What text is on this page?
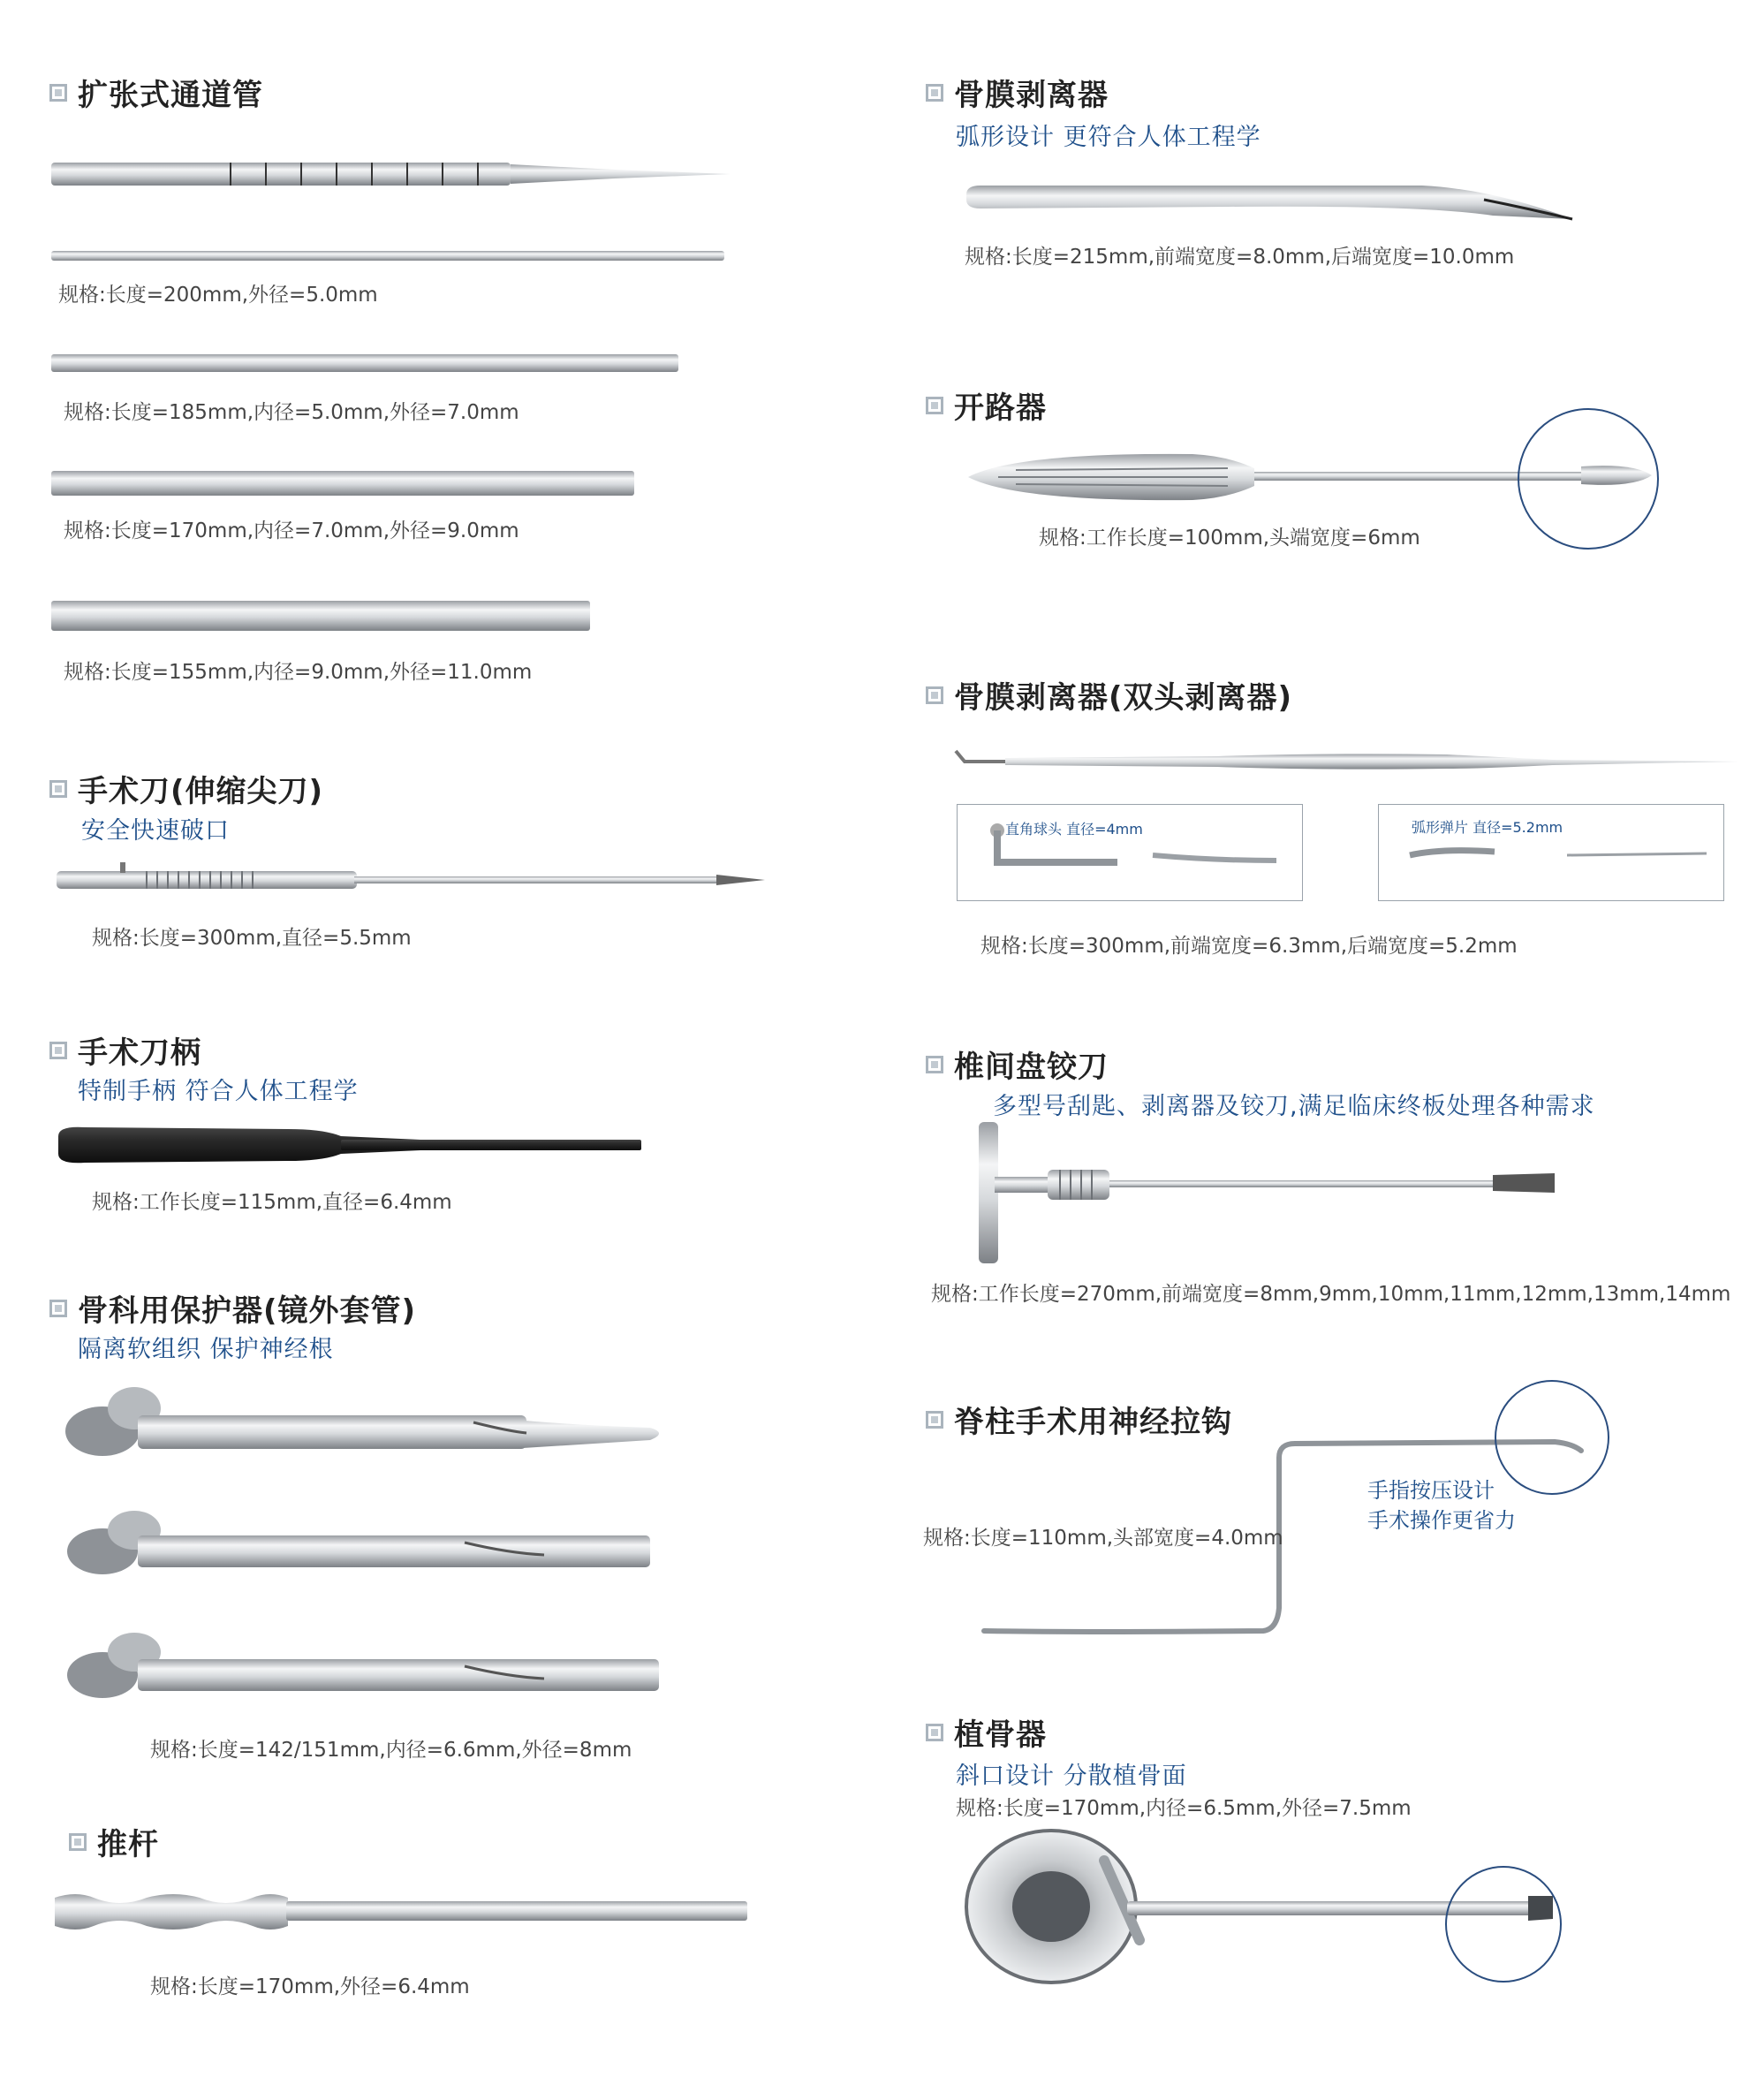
扩张式通道管
规格:长度=200mm,外径=5.0mm
规格:长度=185mm,内径=5.0mm,外径=7.0mm
规格:长度=170mm,内径=7.0mm,外径=9.0mm
规格:长度=155mm,内径=9.0mm,外径=11.0mm
手术刀(伸缩尖刀)
安全快速破口
规格:长度=300mm,直径=5.5mm
手术刀柄
特制手柄 符合人体工程学
规格:工作长度=115mm,直径=6.4mm
骨科用保护器(镜外套管)
隔离软组织 保护神经根
规格:长度=142/151mm,内径=6.6mm,外径=8mm
推杆
规格:长度=170mm,外径=6.4mm
骨膜剥离器
弧形设计 更符合人体工程学
规格:长度=215mm,前端宽度=8.0mm,后端宽度=10.0mm
开路器
规格:工作长度=100mm,头端宽度=6mm
骨膜剥离器(双头剥离器)
直角球头 直径=4mm	弧形弹片 直径=5.2mm
规格:长度=300mm,前端宽度=6.3mm,后端宽度=5.2mm
椎间盘铰刀
多型号刮匙、剥离器及铰刀,满足临床终板处理各种需求
规格:工作长度=270mm,前端宽度=8mm,9mm,10mm,11mm,12mm,13mm,14mm
脊柱手术用神经拉钩
手指按压设计
手术操作更省力
规格:长度=110mm,头部宽度=4.0mm
植骨器
斜口设计 分散植骨面
规格:长度=170mm,内径=6.5mm,外径=7.5mm
